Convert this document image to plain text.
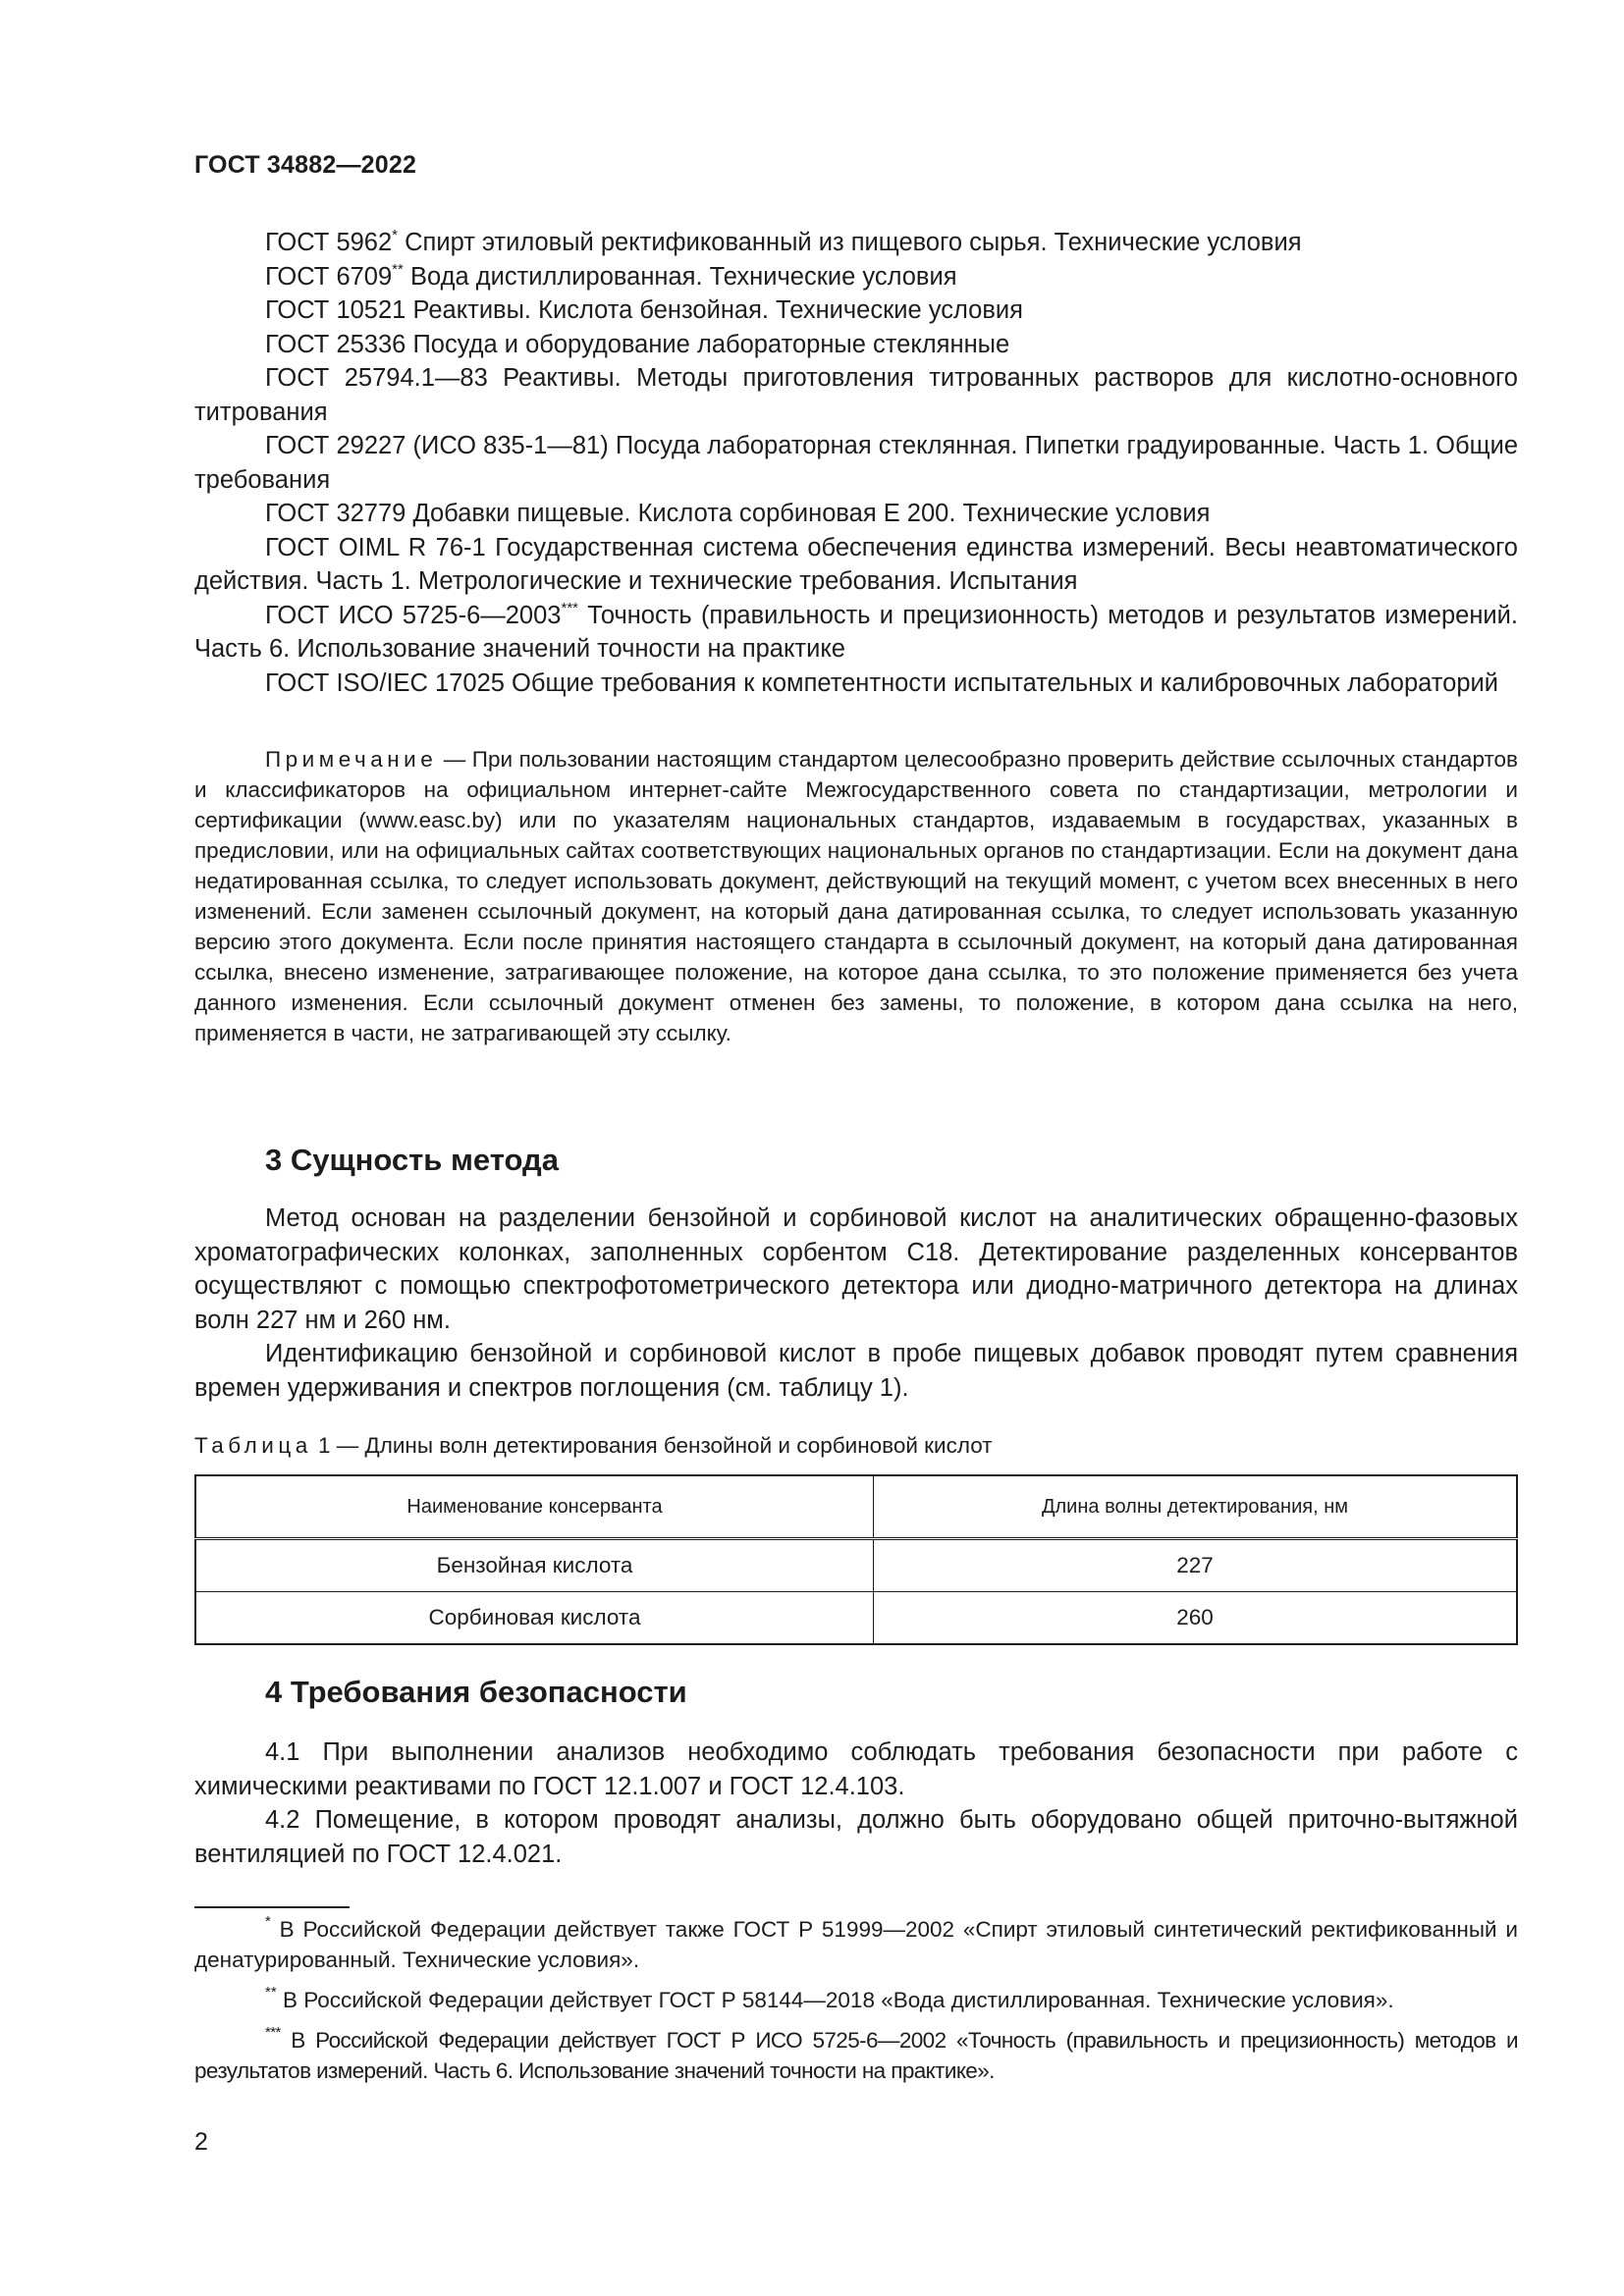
ГОСТ 34882—2022

ГОСТ 5962* Спирт этиловый ректификованный из пищевого сырья. Технические условия

ГОСТ 6709** Вода дистиллированная. Технические условия

ГОСТ 10521 Реактивы. Кислота бензойная. Технические условия

ГОСТ 25336 Посуда и оборудование лабораторные стеклянные

ГОСТ 25794.1—83 Реактивы. Методы приготовления титрованных растворов для кислотно-основного титрования

ГОСТ 29227 (ИСО 835-1—81) Посуда лабораторная стеклянная. Пипетки градуированные. Часть 1. Общие требования

ГОСТ 32779 Добавки пищевые. Кислота сорбиновая Е 200. Технические условия

ГОСТ OIML R 76-1 Государственная система обеспечения единства измерений. Весы неавтоматического действия. Часть 1. Метрологические и технические требования. Испытания

ГОСТ ИСО 5725-6—2003*** Точность (правильность и прецизионность) методов и результатов измерений. Часть 6. Использование значений точности на практике

ГОСТ ISO/IEC 17025 Общие требования к компетентности испытательных и калибровочных лабораторий

Примечание — При пользовании настоящим стандартом целесообразно проверить действие ссылочных стандартов и классификаторов на официальном интернет-сайте Межгосударственного совета по стандартизации, метрологии и сертификации (www.easc.by) или по указателям национальных стандартов, издаваемым в государствах, указанных в предисловии, или на официальных сайтах соответствующих национальных органов по стандартизации. Если на документ дана недатированная ссылка, то следует использовать документ, действующий на текущий момент, с учетом всех внесенных в него изменений. Если заменен ссылочный документ, на который дана датированная ссылка, то следует использовать указанную версию этого документа. Если после принятия настоящего стандарта в ссылочный документ, на который дана датированная ссылка, внесено изменение, затрагивающее положение, на которое дана ссылка, то это положение применяется без учета данного изменения. Если ссылочный документ отменен без замены, то положение, в котором дана ссылка на него, применяется в части, не затрагивающей эту ссылку.

3 Сущность метода

Метод основан на разделении бензойной и сорбиновой кислот на аналитических обращенно-фазовых хроматографических колонках, заполненных сорбентом С18. Детектирование разделенных консервантов осуществляют с помощью спектрофотометрического детектора или диодно-матричного детектора на длинах волн 227 нм и 260 нм.

Идентификацию бензойной и сорбиновой кислот в пробе пищевых добавок проводят путем сравнения времен удерживания и спектров поглощения (см. таблицу 1).

Таблица 1 — Длины волн детектирования бензойной и сорбиновой кислот

Наименование консерванта	Длина волны детектирования, нм
Бензойная кислота	227
Сорбиновая кислота	260
4 Требования безопасности

4.1 При выполнении анализов необходимо соблюдать требования безопасности при работе с химическими реактивами по ГОСТ 12.1.007 и ГОСТ 12.4.103.

4.2 Помещение, в котором проводят анализы, должно быть оборудовано общей приточно-вытяжной вентиляцией по ГОСТ 12.4.021.

* В Российской Федерации действует также ГОСТ Р 51999—2002 «Спирт этиловый синтетический ректификованный и денатурированный. Технические условия».

** В Российской Федерации действует ГОСТ Р 58144—2018 «Вода дистиллированная. Технические условия».

*** В Российской Федерации действует ГОСТ Р ИСО 5725-6—2002 «Точность (правильность и прецизионность) методов и результатов измерений. Часть 6. Использование значений точности на практике».

2
